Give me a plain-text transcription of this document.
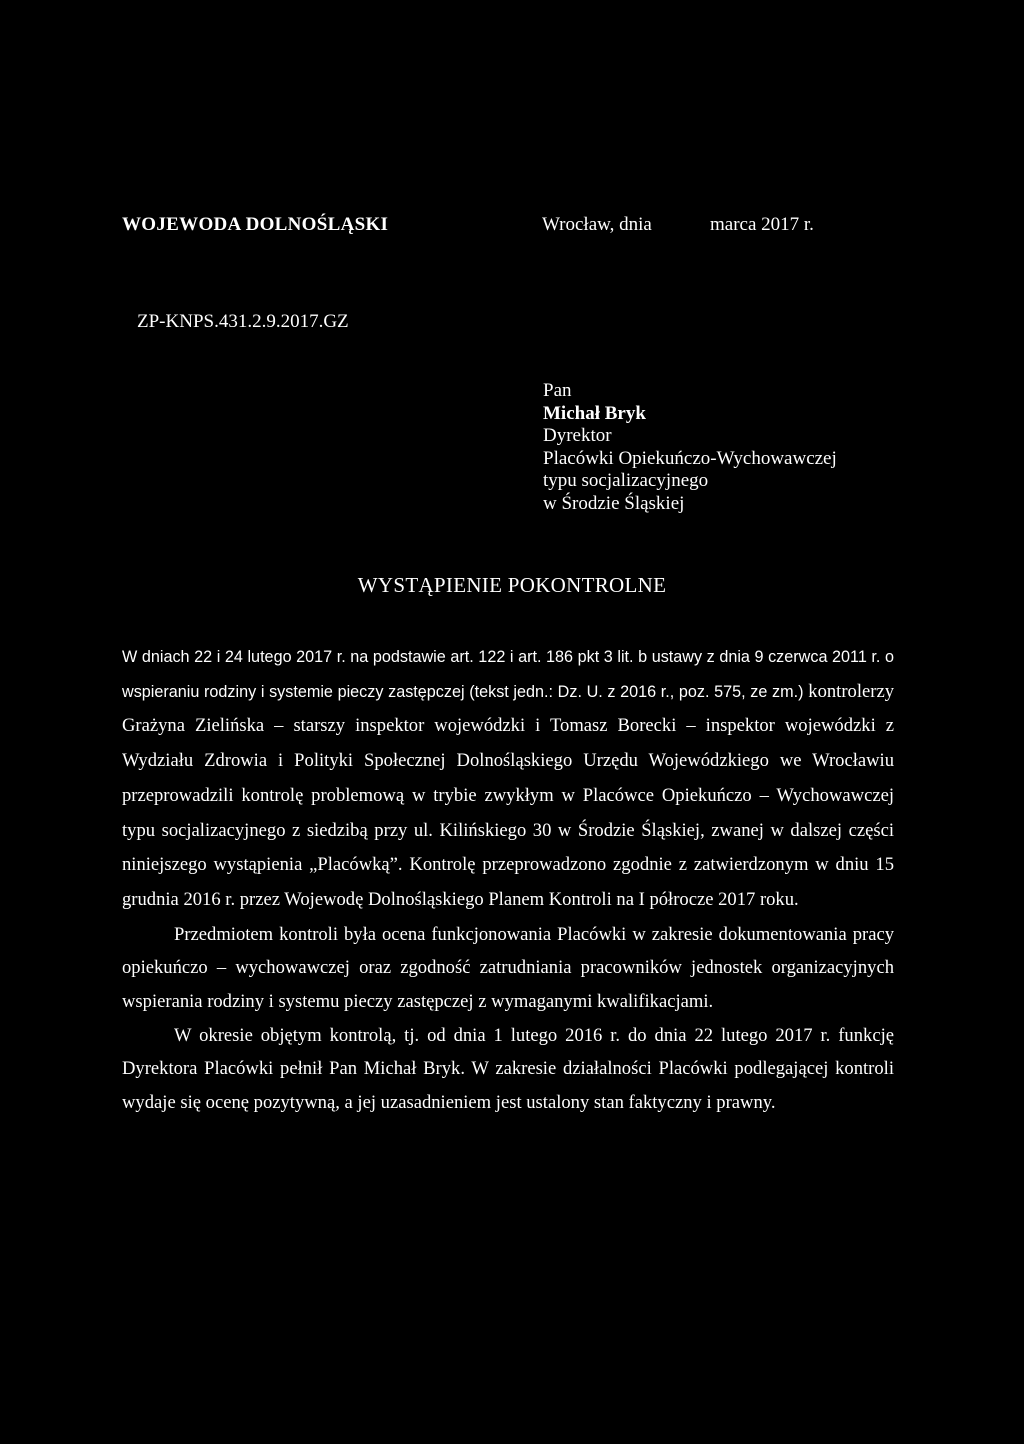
WOJEWODA DOLNOŚLĄSKI	Wrocław, dnia	marca 2017 r.
ZP-KNPS.431.2.9.2017.GZ
Pan
Michał Bryk
Dyrektor
Placówki Opiekuńczo-Wychowawczej
typu socjalizacyjnego
w Środzie Śląskiej
WYSTĄPIENIE POKONTROLNE

W dniach 22 i 24 lutego 2017 r. na podstawie art. 122 i art. 186 pkt 3 lit. b ustawy z dnia 9 czerwca 2011 r. o wspieraniu rodziny i systemie pieczy zastępczej (tekst jedn.: Dz. U. z 2016 r., poz. 575, ze zm.) kontrolerzy Grażyna Zielińska – starszy inspektor wojewódzki i Tomasz Borecki – inspektor wojewódzki z Wydziału Zdrowia i Polityki Społecznej Dolnośląskiego Urzędu Wojewódzkiego we Wrocławiu przeprowadzili kontrolę problemową w trybie zwykłym w Placówce Opiekuńczo – Wychowawczej typu socjalizacyjnego z siedzibą przy ul. Kilińskiego 30 w Środzie Śląskiej, zwanej w dalszej części niniejszego wystąpienia „Placówką”. Kontrolę przeprowadzono zgodnie z zatwierdzonym w dniu 15 grudnia 2016 r. przez Wojewodę Dolnośląskiego Planem Kontroli na I półrocze 2017 roku.

Przedmiotem kontroli była ocena funkcjonowania Placówki w zakresie dokumentowania pracy opiekuńczo – wychowawczej oraz zgodność zatrudniania pracowników jednostek organizacyjnych wspierania rodziny i systemu pieczy zastępczej z wymaganymi kwalifikacjami.

W okresie objętym kontrolą, tj. od dnia 1 lutego 2016 r. do dnia 22 lutego 2017 r. funkcję Dyrektora Placówki pełnił Pan Michał Bryk. W zakresie działalności Placówki podlegającej kontroli wydaje się ocenę pozytywną, a jej uzasadnieniem jest ustalony stan faktyczny i prawny.
